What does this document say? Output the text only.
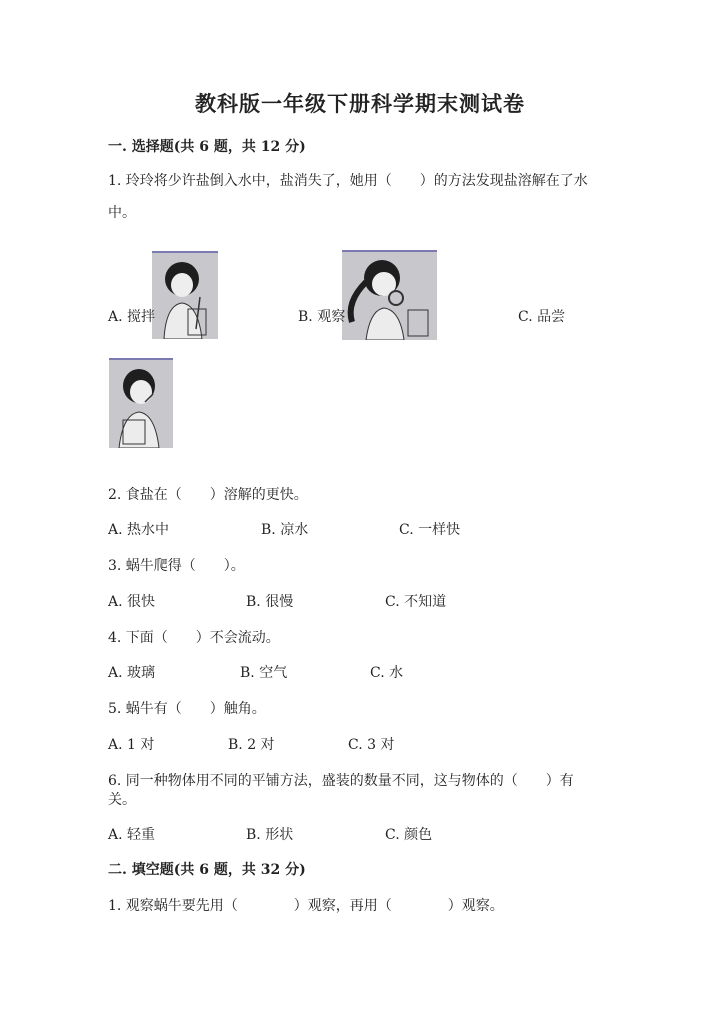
教科版一年级下册科学期末测试卷
一. 选择题(共 6 题，共 12 分)
1. 玲玲将少许盐倒入水中，盐消失了，她用（　　）的方法发现盐溶解在了水
中。
A. 搅拌	B. 观察	C. 品尝
2. 食盐在（　　）溶解的更快。
A. 热水中	B. 凉水	C. 一样快
3. 蜗牛爬得（　　）。
A. 很快	B. 很慢	C. 不知道
4. 下面（　　）不会流动。
A. 玻璃	B. 空气	C. 水
5. 蜗牛有（　　）触角。
A. 1 对	B. 2 对	C. 3 对
6. 同一种物体用不同的平铺方法，盛装的数量不同，这与物体的（　　）有
关。
A. 轻重	B. 形状	C. 颜色
二. 填空题(共 6 题，共 32 分)
1. 观察蜗牛要先用（　　　　）观察，再用（　　　　）观察。
